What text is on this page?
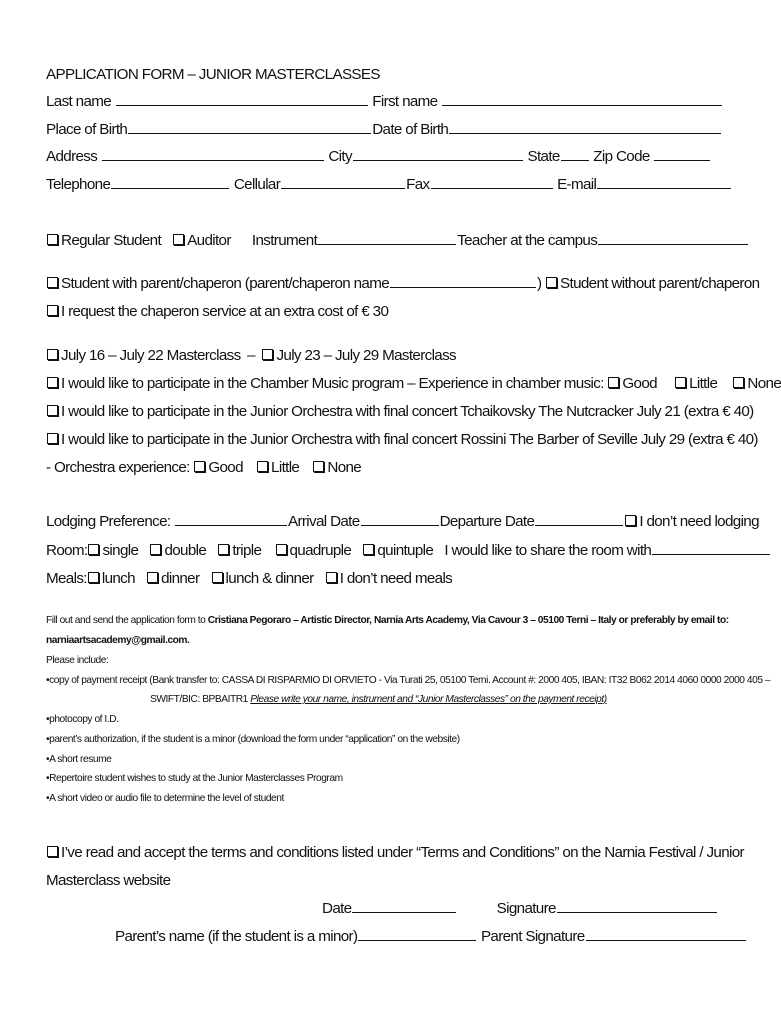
APPLICATION FORM – JUNIOR MASTERCLASSES
Last name	First name
Place of Birth	Date of Birth
Address	City	State Zip Code
Telephone	Cellular	Fax	E-mail
Regular Student Auditor Instrument	Teacher at the campus
Student with parent/chaperon (parent/chaperon name	) Student without parent/chaperon
I request the chaperon service at an extra cost of € 30
July 16 – July 22 Masterclass – July 23 – July 29 Masterclass
I would like to participate in the Chamber Music program – Experience in chamber music: Good Little None
I would like to participate in the Junior Orchestra with final concert Tchaikovsky The Nutcracker July 21 (extra € 40)
I would like to participate in the Junior Orchestra with final concert Rossini The Barber of Seville July 29 (extra € 40)
- Orchestra experience: Good Little None
Lodging Preference:	Arrival Date	Departure Date	I don’t need lodging
Room: single double triple quadruple quintuple I would like to share the room with
Meals: lunch dinner lunch & dinner I don’t need meals
Fill out and send the application form to Cristiana Pegoraro – Artistic Director, Narnia Arts Academy, Via Cavour 3 – 05100 Terni – Italy or preferably by email to:
narniaartsacademy@gmail.com.
Please include:
•copy of payment receipt (Bank transfer to: CASSA DI RISPARMIO DI ORVIETO - Via Turati 25, 05100 Terni. Account #: 2000 405, IBAN: IT32 B062 2014 4060 0000 2000 405 –
SWIFT/BIC: BPBAITR1 Please write your name, instrument and “Junior Masterclasses” on the payment receipt)
•photocopy of I.D.
•parent’s authorization, if the student is a minor (download the form under “application” on the website)
•A short resume
•Repertoire student wishes to study at the Junior Masterclasses Program
•A short video or audio file to determine the level of student
I’ve read and accept the terms and conditions listed under “Terms and Conditions” on the Narnia Festival / Junior
Masterclass website
Date	Signature
Parent’s name (if the student is a minor)	Parent Signature
